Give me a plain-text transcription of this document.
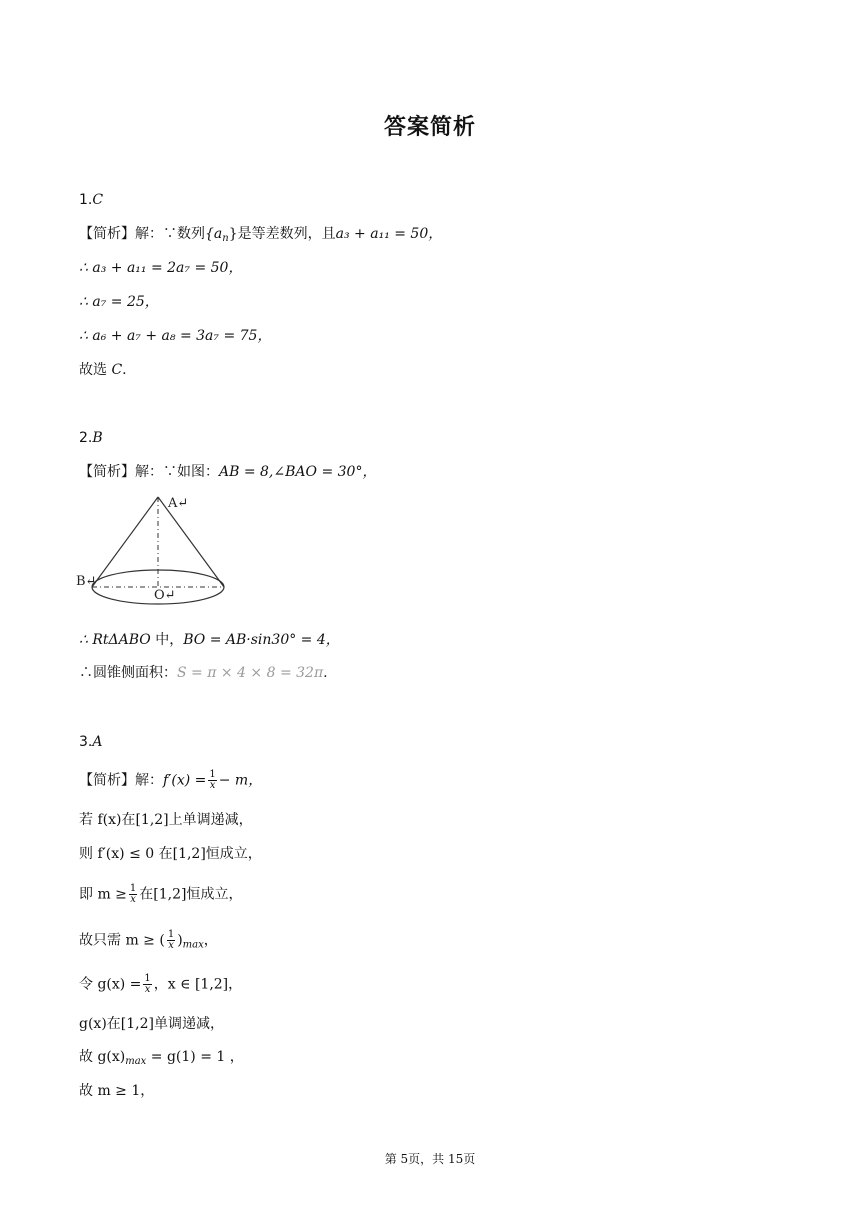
答案简析
1.C
【简析】解：∵数列$\{a_n\}$是等差数列，且a₃ + a₁₁ = 50，
∴ a₃ + a₁₁ = 2a₇ = 50，
∴ a₇ = 25，
∴ a₆ + a₇ + a₈ = 3a₇ = 75，
故选 C.
2.B
【简析】解：∵如图：AB = 8,∠BAO = 30°，
A↵
B↵
O↵
∴ RtΔABO 中，BO = AB·sin30° = 4，
∴圆锥侧面积：S = π × 4 × 8 = 32π.
3.A
【简析】解：$f'(x) = \frac{1}{x} - m$，
若 f(x)在[1,2]上单调递减，
则 f′(x) ≤ 0 在[1,2]恒成立，
即 $m \ge \frac{1}{x}$ 在[1,2]恒成立，
故只需 m ≥ ( $\frac{1}{x} )_{max}$，
令 $g(x) = \frac{1}{x}$ ，x ∈ [1,2]，
g(x)在[1,2]单调递减，
故 $g(x)_{max} = g(1) = 1$ ，
故 m ≥ 1，
第 5页，共 15页
